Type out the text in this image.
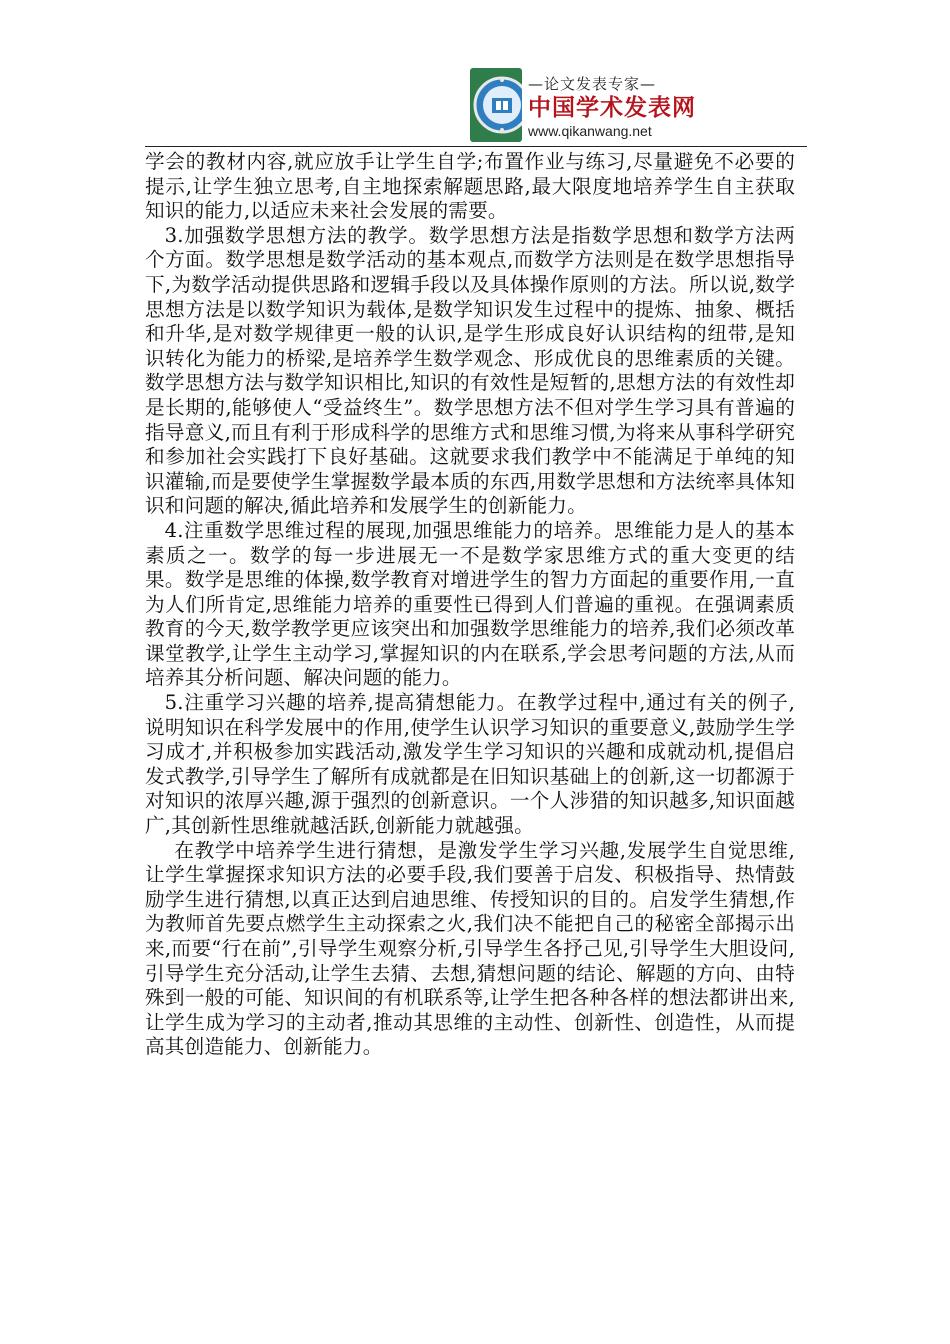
— 论文发表专家 —
中国学术发表网
www.qikanwang.net

学会的教材内容,就应放手让学生自学;布置作业与练习,尽量避免不必要的提示,让学生独立思考,自主地探索解题思路,最大限度地培养学生自主获取知识的能力,以适应未来社会发展的需要。

3.加强数学思想方法的教学。数学思想方法是指数学思想和数学方法两个方面。数学思想是数学活动的基本观点,而数学方法则是在数学思想指导下,为数学活动提供思路和逻辑手段以及具体操作原则的方法。所以说,数学思想方法是以数学知识为载体,是数学知识发生过程中的提炼、抽象、概括和升华,是对数学规律更一般的认识,是学生形成良好认识结构的纽带,是知识转化为能力的桥梁,是培养学生数学观念、形成优良的思维素质的关键。数学思想方法与数学知识相比,知识的有效性是短暂的,思想方法的有效性却是长期的,能够使人“受益终生”。数学思想方法不但对学生学习具有普遍的指导意义,而且有利于形成科学的思维方式和思维习惯,为将来从事科学研究和参加社会实践打下良好基础。这就要求我们教学中不能满足于单纯的知识灌输,而是要使学生掌握数学最本质的东西,用数学思想和方法统率具体知识和问题的解决,循此培养和发展学生的创新能力。

4.注重数学思维过程的展现,加强思维能力的培养。思维能力是人的基本素质之一。数学的每一步进展无一不是数学家思维方式的重大变更的结果。数学是思维的体操,数学教育对增进学生的智力方面起的重要作用,一直为人们所肯定,思维能力培养的重要性已得到人们普遍的重视。在强调素质教育的今天,数学教学更应该突出和加强数学思维能力的培养,我们必须改革课堂教学,让学生主动学习,掌握知识的内在联系,学会思考问题的方法,从而培养其分析问题、解决问题的能力。

5.注重学习兴趣的培养,提高猜想能力。在教学过程中,通过有关的例子,说明知识在科学发展中的作用,使学生认识学习知识的重要意义,鼓励学生学习成才,并积极参加实践活动,激发学生学习知识的兴趣和成就动机,提倡启发式教学,引导学生了解所有成就都是在旧知识基础上的创新,这一切都源于对知识的浓厚兴趣,源于强烈的创新意识。一个人涉猎的知识越多,知识面越广,其创新性思维就越活跃,创新能力就越强。

在教学中培养学生进行猜想，是激发学生学习兴趣,发展学生自觉思维,让学生掌握探求知识方法的必要手段,我们要善于启发、积极指导、热情鼓励学生进行猜想,以真正达到启迪思维、传授知识的目的。启发学生猜想,作为教师首先要点燃学生主动探索之火,我们决不能把自己的秘密全部揭示出来,而要“行在前”,引导学生观察分析,引导学生各抒己见,引导学生大胆设问,引导学生充分活动,让学生去猜、去想,猜想问题的结论、解题的方向、由特殊到一般的可能、知识间的有机联系等,让学生把各种各样的想法都讲出来,让学生成为学习的主动者,推动其思维的主动性、创新性、创造性，从而提高其创造能力、创新能力。
